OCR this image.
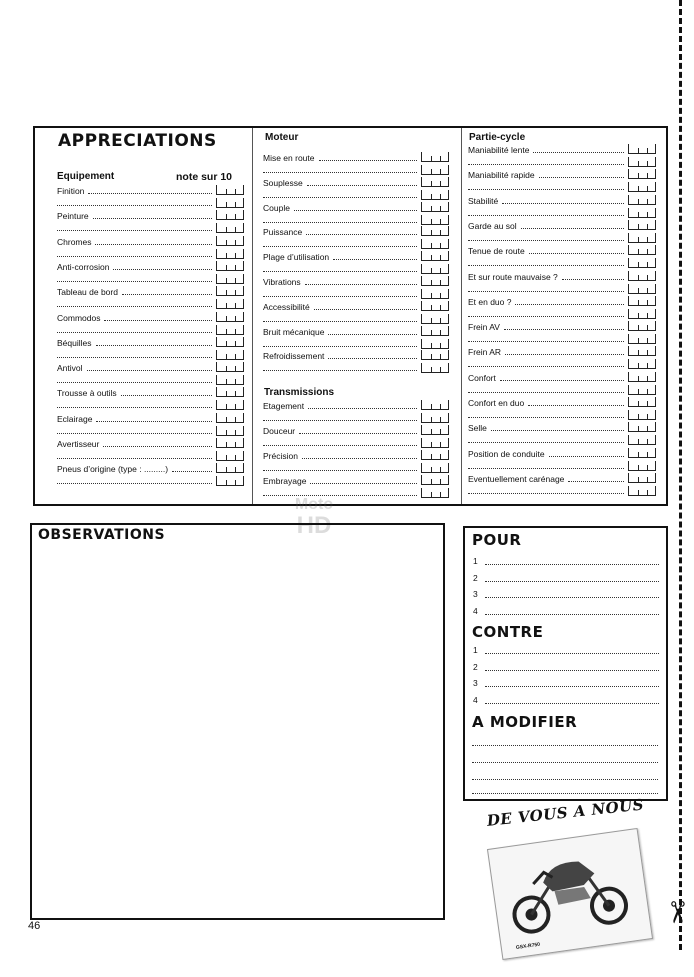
✂
APPRECIATIONS
Equipement	note sur 10
Finition
Peinture
Chromes
Anti-corrosion
Tableau de bord
Commodos
Béquilles
Antivol
Trousse à outils
Eclairage
Avertisseur
Pneus d’origine (type : .........)
Moteur
Mise en route
Souplesse
Couple
Puissance
Plage d’utilisation
Vibrations
Accessibilité
Bruit mécanique
Refroidissement
Transmissions
Etagement
Douceur
Précision
Embrayage
Partie-cycle
Maniabilité lente
Maniabilité rapide
Stabilité
Garde au sol
Tenue de route
Et sur route mauvaise ?
Et en duo ?
Frein AV
Frein AR
Confort
Confort en duo
Selle
Position de conduite
Eventuellement carénage
Moto
HD
OBSERVATIONS	POUR
1
2
3
4
CONTRE
1
2
3
4
A MODIFIER
DE VOUS A NOUS
GSX-R750
46
